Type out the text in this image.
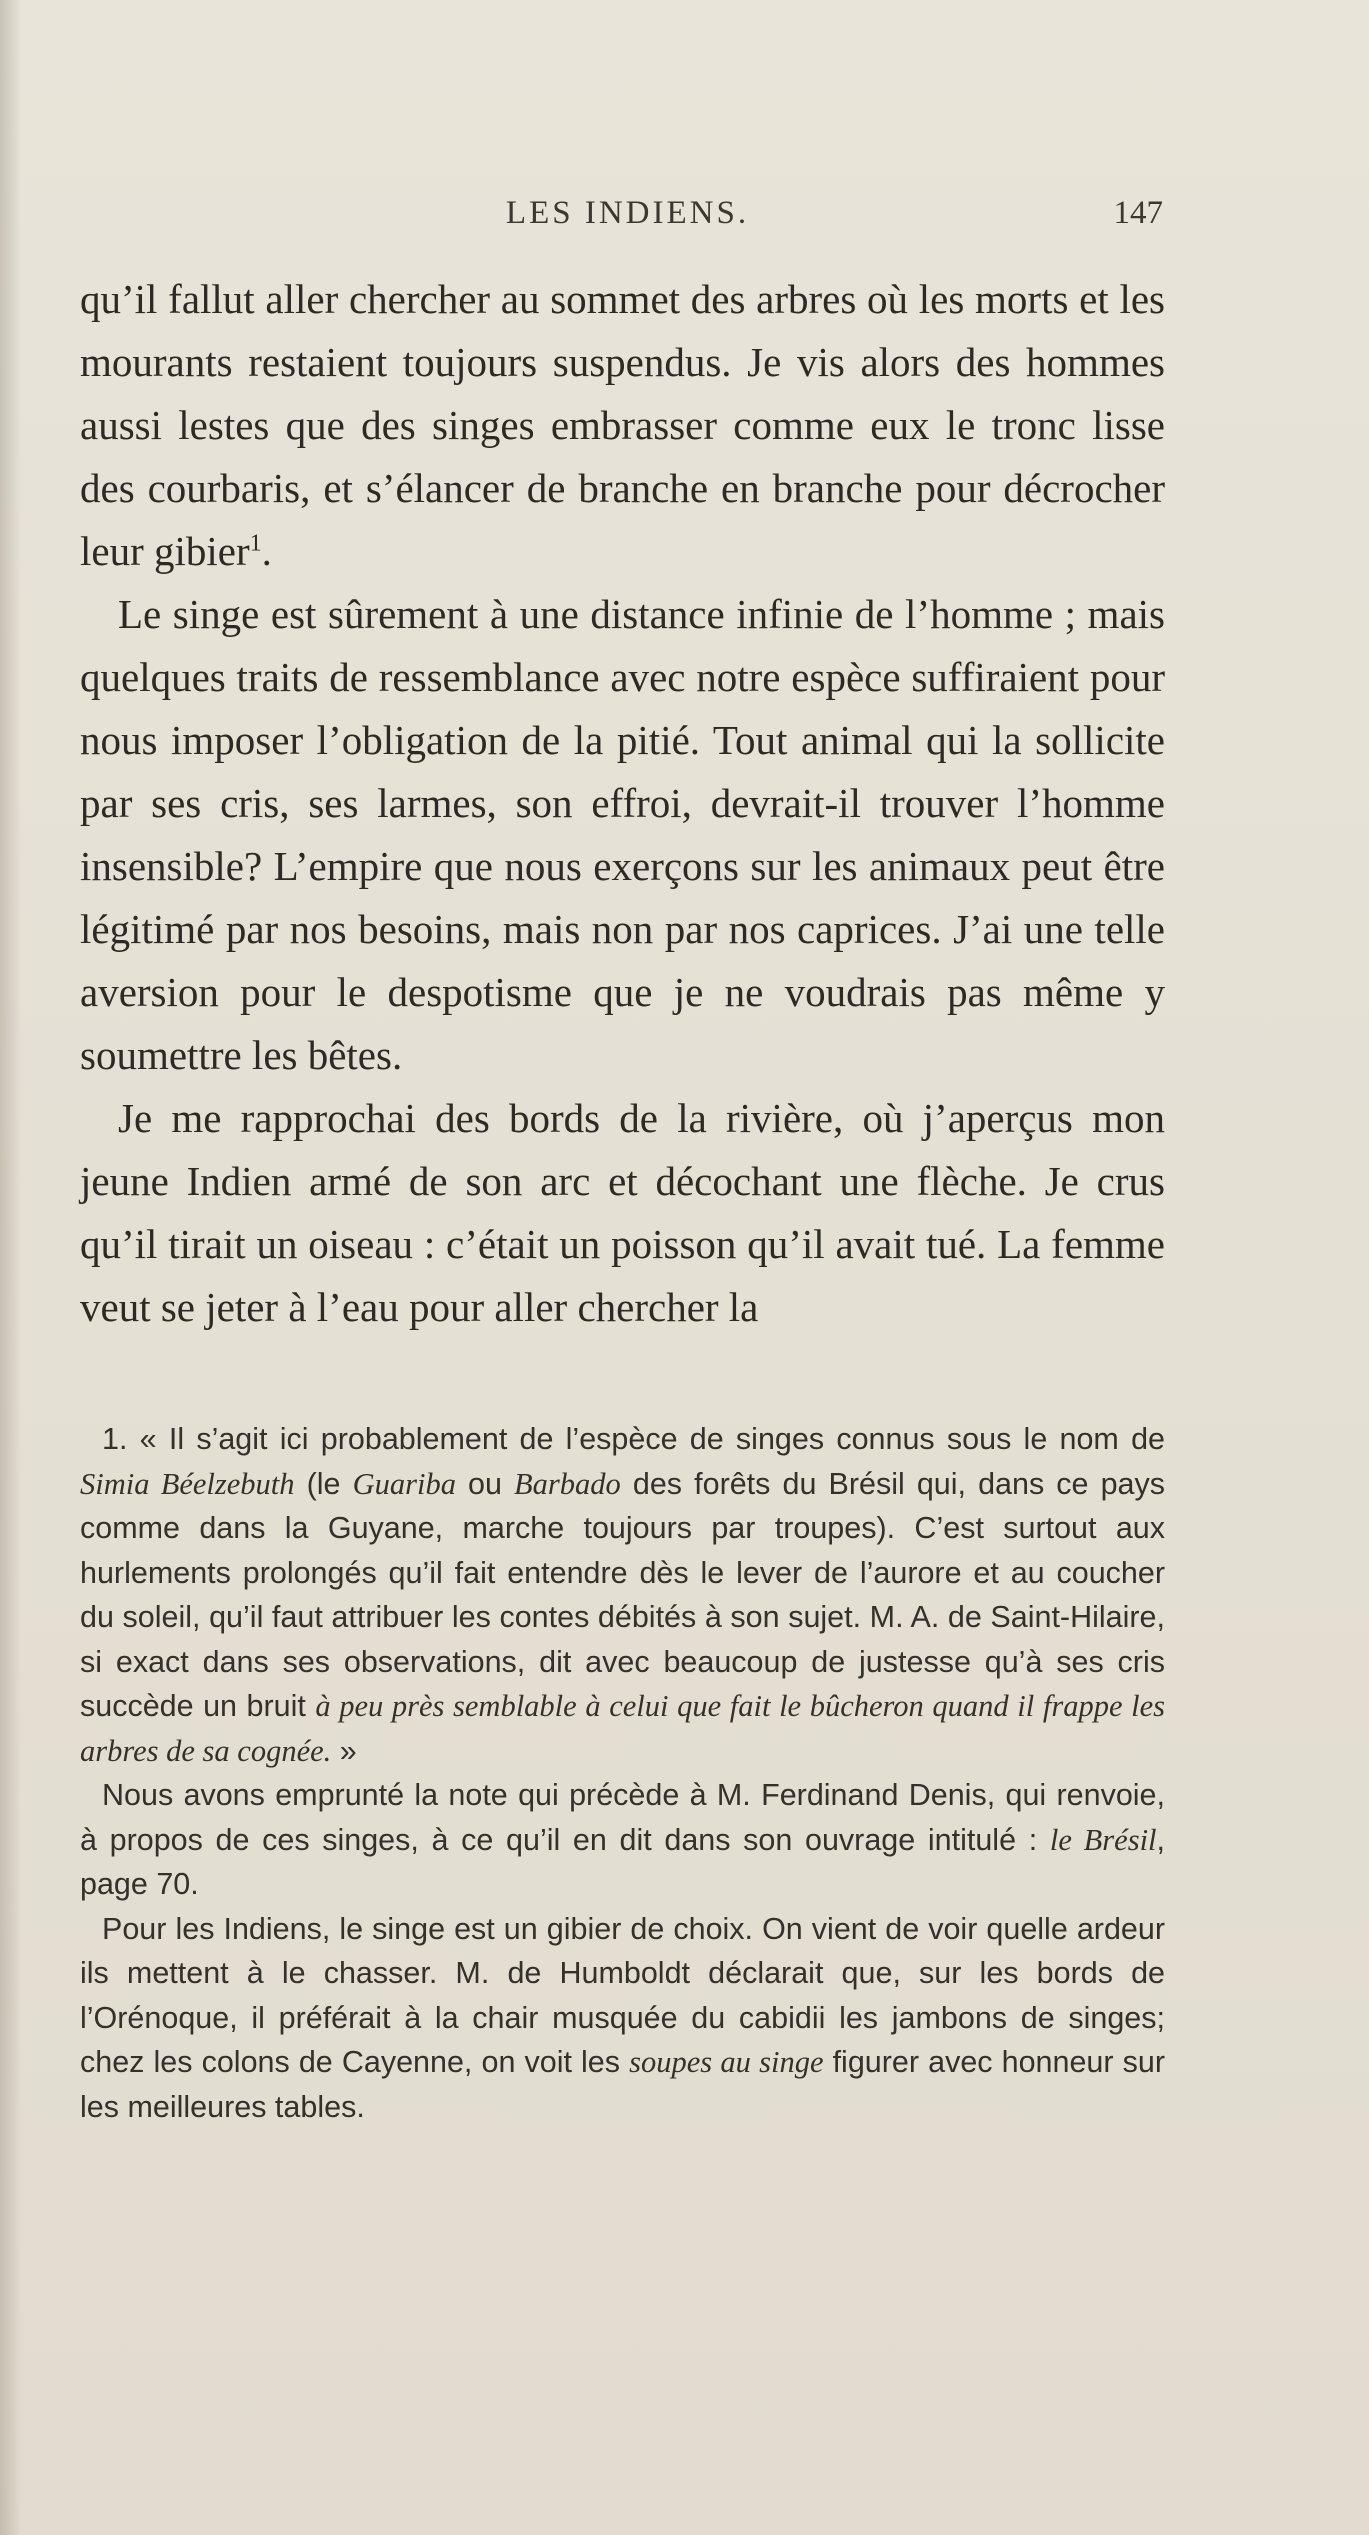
LES INDIENS.	147

qu’il fallut aller chercher au sommet des arbres où les morts et les mourants restaient toujours suspendus. Je vis alors des hommes aussi lestes que des singes embrasser comme eux le tronc lisse des courbaris, et s’élancer de branche en branche pour décrocher leur gibier$^1$.

Le singe est sûrement à une distance infinie de l’homme ; mais quelques traits de ressemblance avec notre espèce suffiraient pour nous imposer l’obligation de la pitié. Tout animal qui la sollicite par ses cris, ses larmes, son effroi, devrait-il trouver l’homme insensible? L’empire que nous exerçons sur les animaux peut être légitimé par nos besoins, mais non par nos caprices. J’ai une telle aversion pour le despotisme que je ne voudrais pas même y soumettre les bêtes.

Je me rapprochai des bords de la rivière, où j’aperçus mon jeune Indien armé de son arc et décochant une flèche. Je crus qu’il tirait un oiseau : c’était un poisson qu’il avait tué. La femme veut se jeter à l’eau pour aller chercher la

1. « Il s’agit ici probablement de l’espèce de singes connus sous le nom de Simia Béelzebuth (le Guariba ou Barbado des forêts du Brésil qui, dans ce pays comme dans la Guyane, marche toujours par troupes). C’est surtout aux hurlements prolongés qu’il fait entendre dès le lever de l’aurore et au coucher du soleil, qu’il faut attribuer les contes débités à son sujet. M. A. de Saint-Hilaire, si exact dans ses observations, dit avec beaucoup de justesse qu’à ses cris succède un bruit à peu près semblable à celui que fait le bûcheron quand il frappe les arbres de sa cognée. »

Nous avons emprunté la note qui précède à M. Ferdinand Denis, qui renvoie, à propos de ces singes, à ce qu’il en dit dans son ouvrage intitulé : le Brésil, page 70.

Pour les Indiens, le singe est un gibier de choix. On vient de voir quelle ardeur ils mettent à le chasser. M. de Humboldt déclarait que, sur les bords de l’Orénoque, il préférait à la chair musquée du cabidii les jambons de singes; chez les colons de Cayenne, on voit les soupes au singe figurer avec honneur sur les meilleures tables.
